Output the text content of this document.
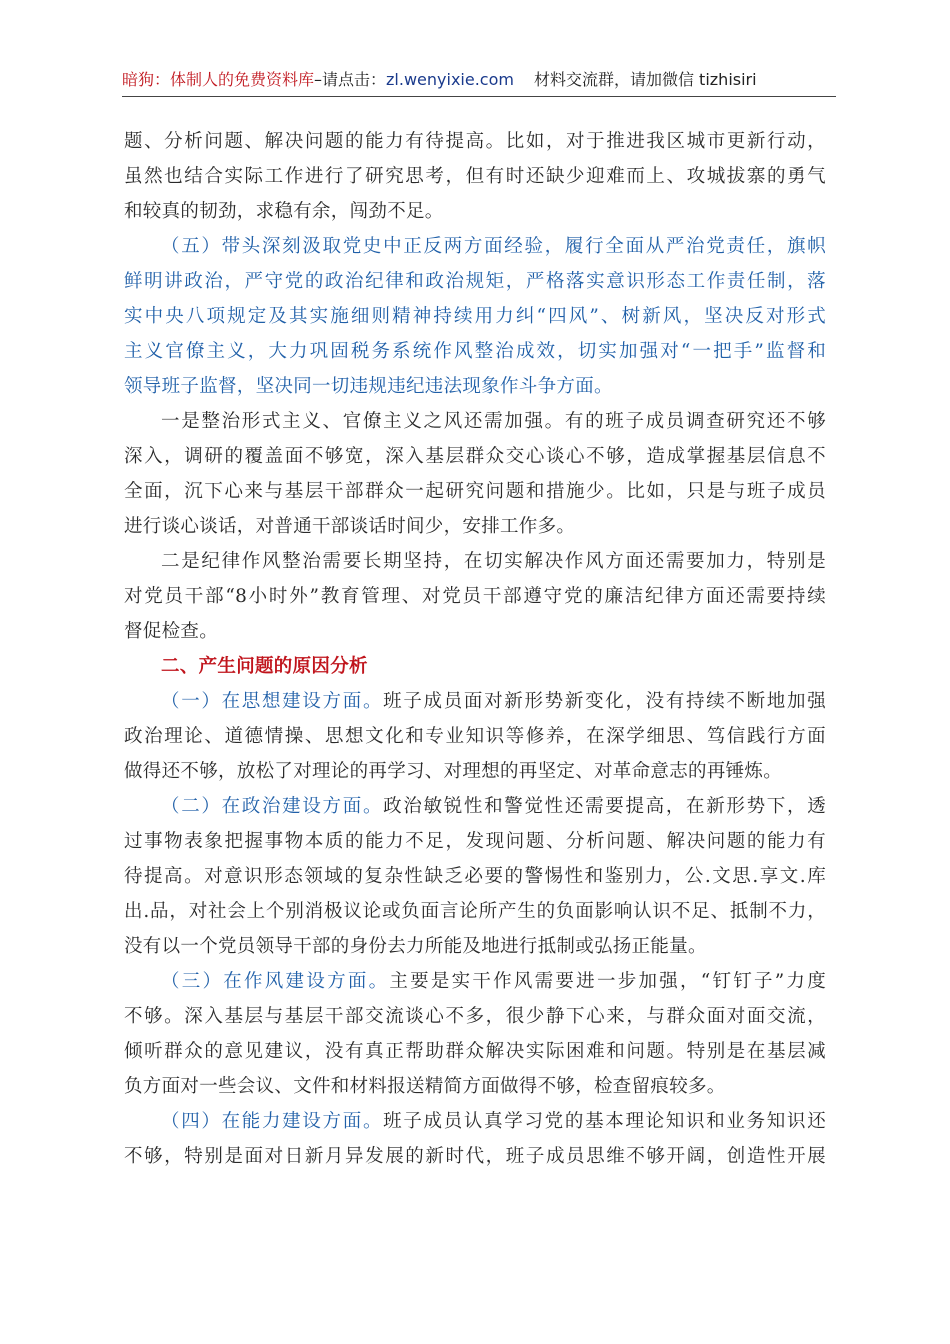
暗狗：体制人的免费资料库–请点击：zl.wenyixie.com 材料交流群，请加微信 tizhisiri
题、分析问题、解决问题的能力有待提高。比如，对于推进我区城市更新行动，
虽然也结合实际工作进行了研究思考，但有时还缺少迎难而上、攻城拔寨的勇气
和较真的韧劲，求稳有余，闯劲不足。
（五）带头深刻汲取党史中正反两方面经验，履行全面从严治党责任，旗帜
鲜明讲政治，严守党的政治纪律和政治规矩，严格落实意识形态工作责任制，落
实中央八项规定及其实施细则精神持续用力纠“四风”、树新风，坚决反对形式
主义官僚主义，大力巩固税务系统作风整治成效，切实加强对“一把手”监督和
领导班子监督，坚决同一切违规违纪违法现象作斗争方面。
一是整治形式主义、官僚主义之风还需加强。有的班子成员调查研究还不够
深入，调研的覆盖面不够宽，深入基层群众交心谈心不够，造成掌握基层信息不
全面，沉下心来与基层干部群众一起研究问题和措施少。比如，只是与班子成员
进行谈心谈话，对普通干部谈话时间少，安排工作多。
二是纪律作风整治需要长期坚持，在切实解决作风方面还需要加力，特别是
对党员干部“8小时外”教育管理、对党员干部遵守党的廉洁纪律方面还需要持续
督促检查。
二、产生问题的原因分析
（一）在思想建设方面。班子成员面对新形势新变化，没有持续不断地加强
政治理论、道德情操、思想文化和专业知识等修养，在深学细思、笃信践行方面
做得还不够，放松了对理论的再学习、对理想的再坚定、对革命意志的再锤炼。
（二）在政治建设方面。政治敏锐性和警觉性还需要提高，在新形势下，透
过事物表象把握事物本质的能力不足，发现问题、分析问题、解决问题的能力有
待提高。对意识形态领域的复杂性缺乏必要的警惕性和鉴别力，公.文思.享文.库
出.品，对社会上个别消极议论或负面言论所产生的负面影响认识不足、抵制不力，
没有以一个党员领导干部的身份去力所能及地进行抵制或弘扬正能量。
（三）在作风建设方面。主要是实干作风需要进一步加强，“钉钉子”力度
不够。深入基层与基层干部交流谈心不多，很少静下心来，与群众面对面交流，
倾听群众的意见建议，没有真正帮助群众解决实际困难和问题。特别是在基层减
负方面对一些会议、文件和材料报送精简方面做得不够，检查留痕较多。
（四）在能力建设方面。班子成员认真学习党的基本理论知识和业务知识还
不够，特别是面对日新月异发展的新时代，班子成员思维不够开阔，创造性开展
